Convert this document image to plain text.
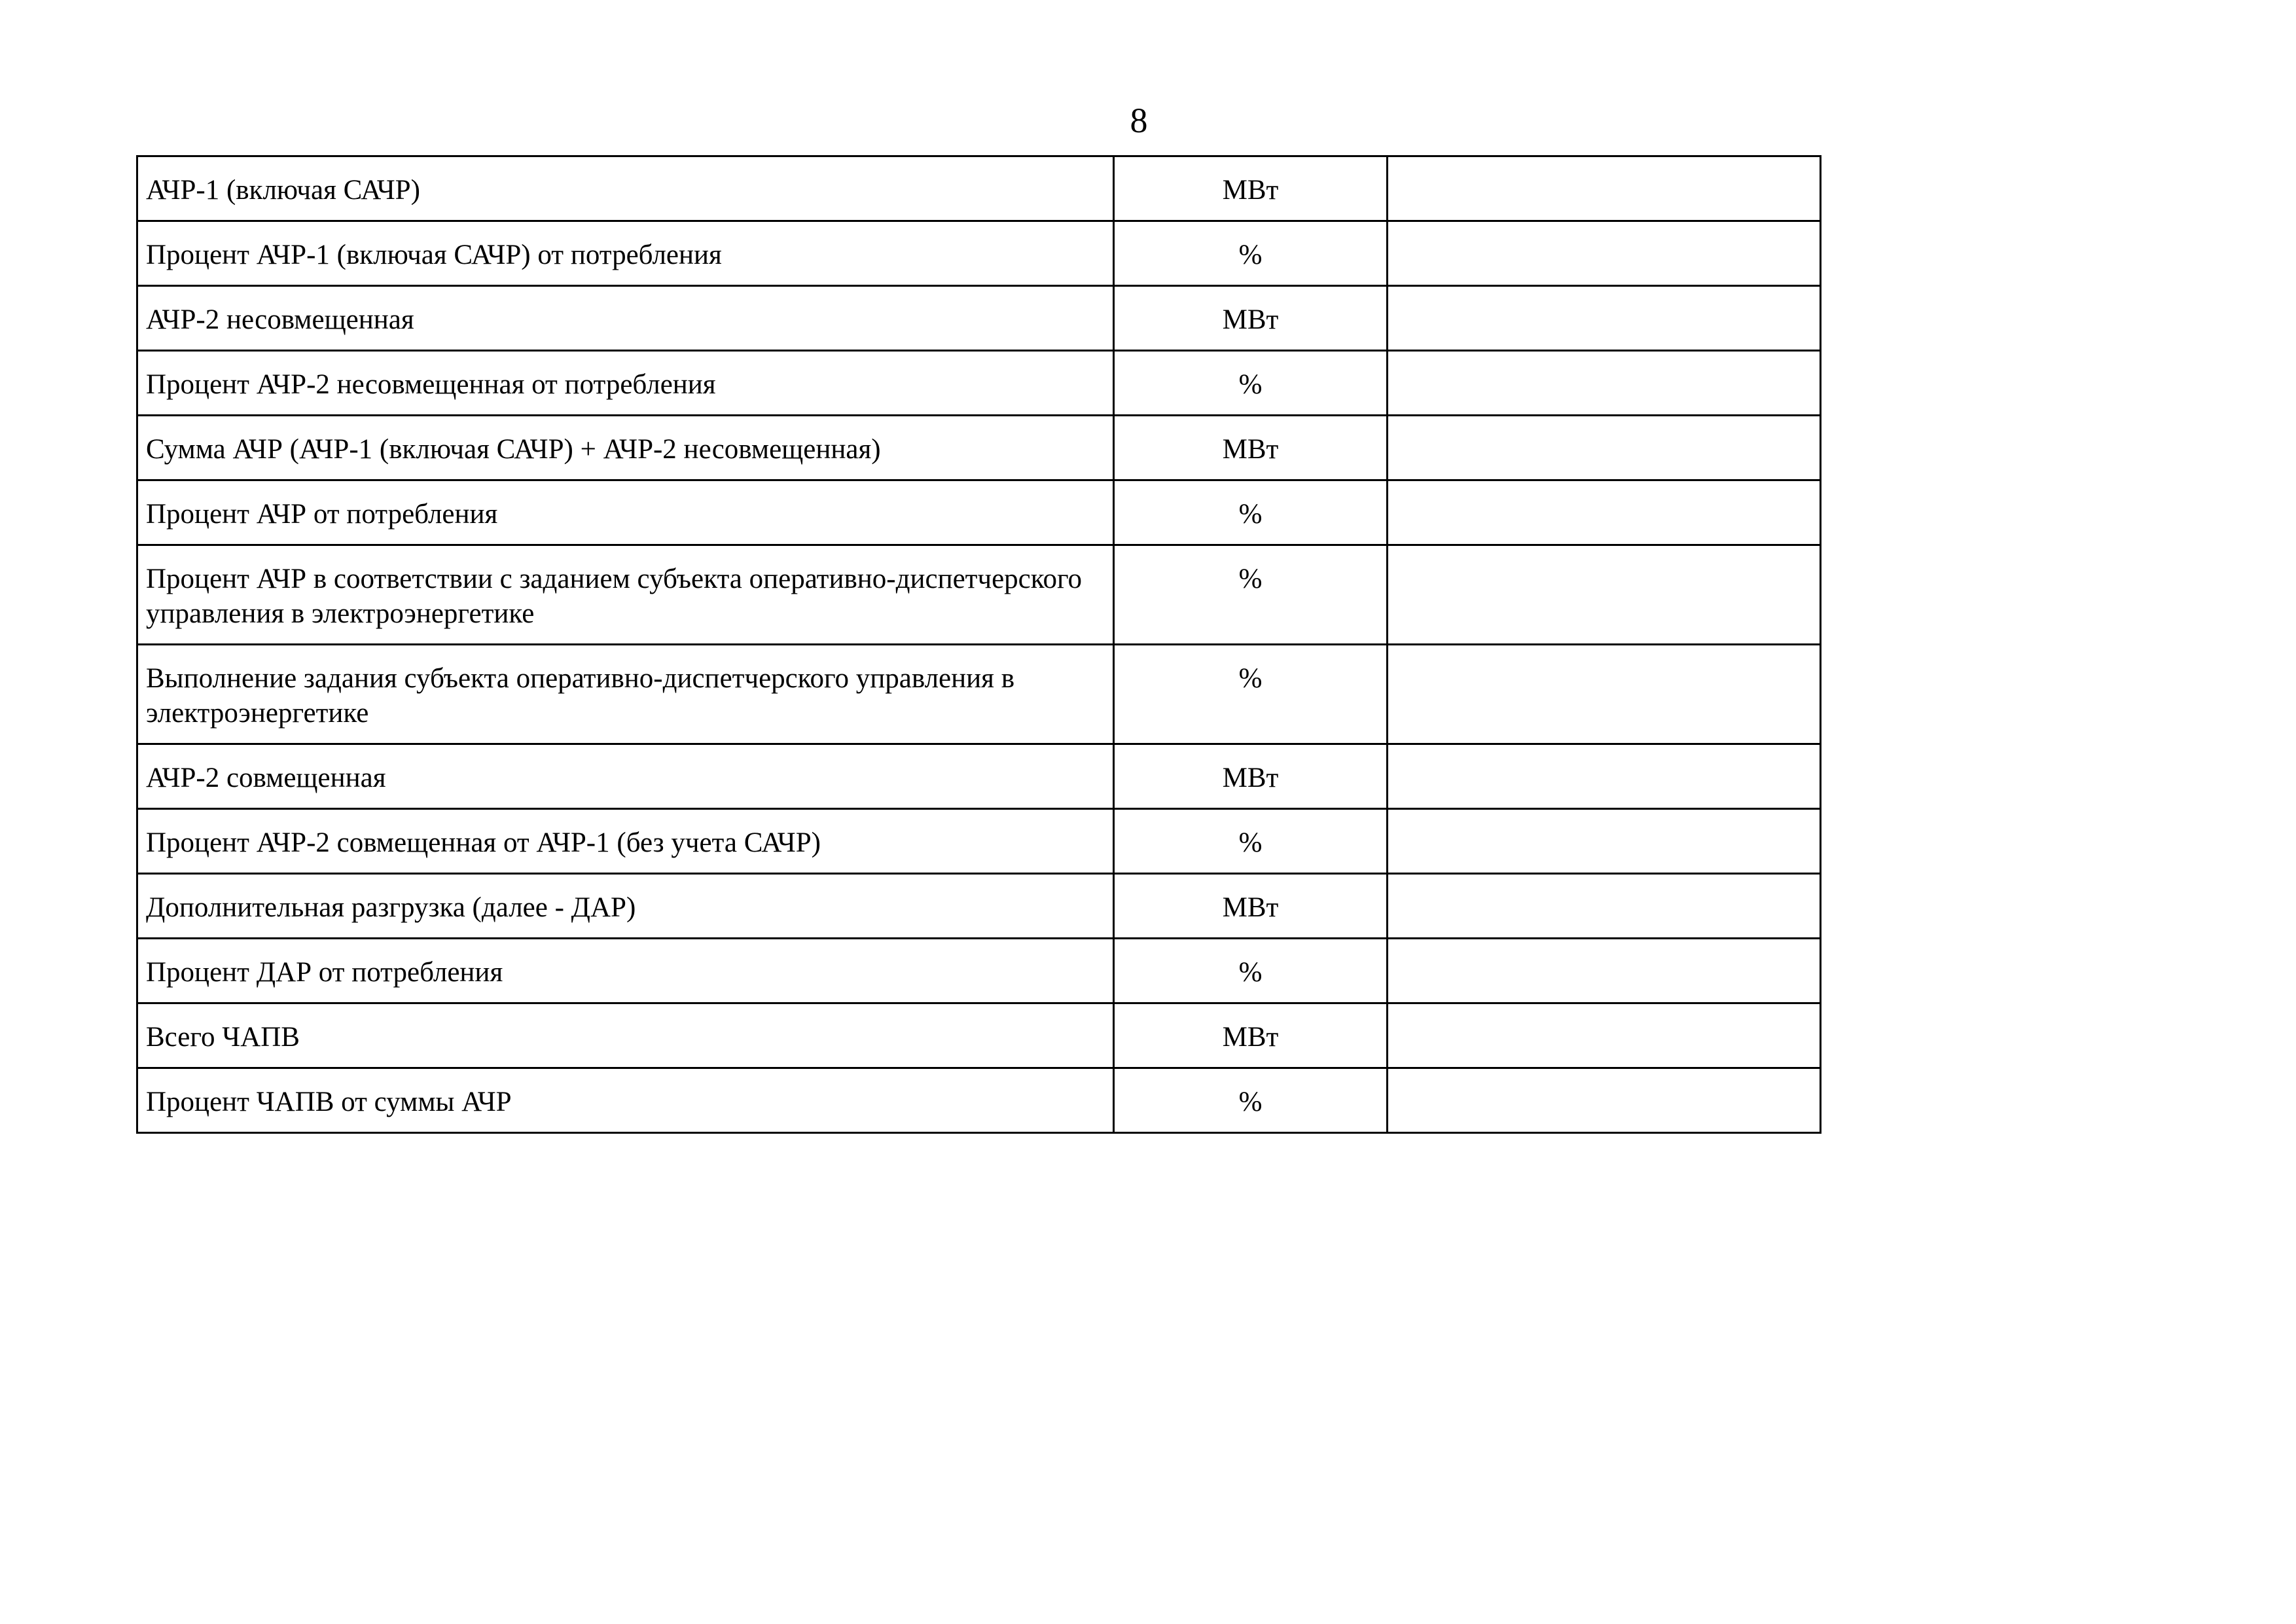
8
АЧР-1 (включая САЧР)	МВт	
Процент АЧР-1 (включая САЧР) от потребления	%	
АЧР-2 несовмещенная	МВт	
Процент АЧР-2 несовмещенная от потребления	%	
Сумма АЧР (АЧР-1 (включая САЧР) + АЧР-2 несовмещенная)	МВт	
Процент АЧР от потребления	%	
Процент АЧР в соответствии с заданием субъекта оперативно-диспетчерского управления в электроэнергетике	%	
Выполнение задания субъекта оперативно-диспетчерского управления в электроэнергетике	%	
АЧР-2 совмещенная	МВт	
Процент АЧР-2 совмещенная от АЧР-1 (без учета САЧР)	%	
Дополнительная разгрузка (далее - ДАР)	МВт	
Процент ДАР от потребления	%	
Всего ЧАПВ	МВт	
Процент ЧАПВ от суммы АЧР	%	
